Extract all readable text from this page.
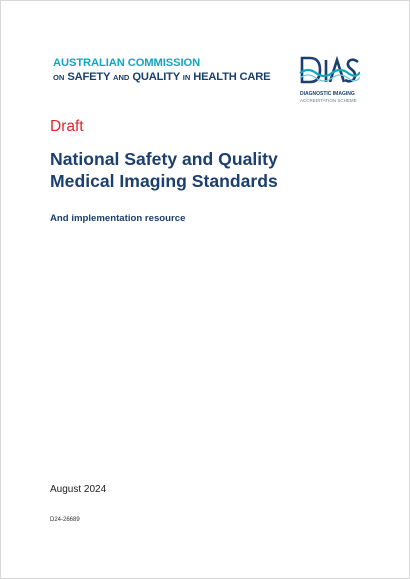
AUSTRALIAN COMMISSION
ON SAFETY AND QUALITY IN HEALTH CARE
DIAGNOSTIC IMAGING
ACCREDITATION SCHEME
Draft
National Safety and Quality
Medical Imaging Standards
And implementation resource
August 2024
D24-26689
